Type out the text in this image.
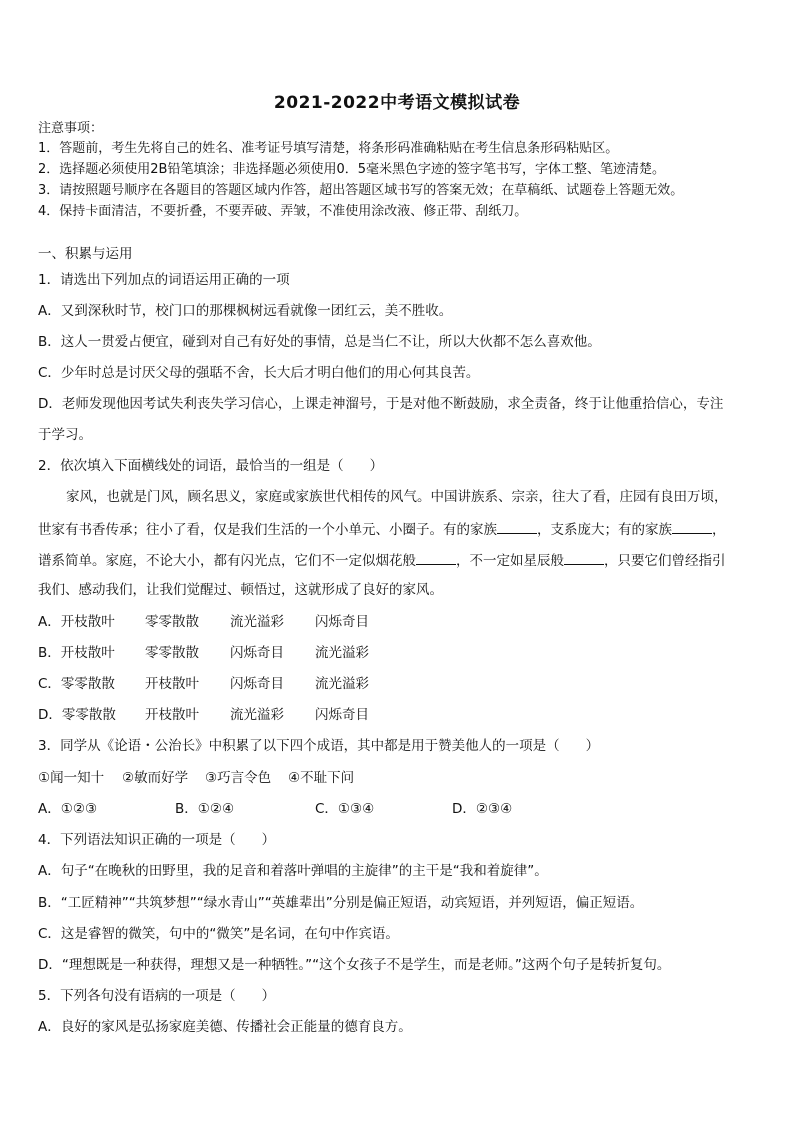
2021-2022中考语文模拟试卷
注意事项：
1．答题前，考生先将自己的姓名、准考证号填写清楚，将条形码准确粘贴在考生信息条形码粘贴区。
2．选择题必须使用2B铅笔填涂；非选择题必须使用0．5毫米黑色字迹的签字笔书写，字体工整、笔迹清楚。
3．请按照题号顺序在各题目的答题区域内作答，超出答题区域书写的答案无效；在草稿纸、试题卷上答题无效。
4．保持卡面清洁，不要折叠，不要弄破、弄皱，不准使用涂改液、修正带、刮纸刀。
一、积累与运用
1．请选出下列加点的词语运用正确的一项
A．又到深秋时节，校门口的那棵枫树远看就像一团红云，美不胜收。
B．这人一贯爱占便宜，碰到对自己有好处的事情，总是当仁不让，所以大伙都不怎么喜欢他。
C．少年时总是讨厌父母的强聒不舍，长大后才明白他们的用心何其良苦。
D．老师发现他因考试失利丧失学习信心，上课走神溜号，于是对他不断鼓励，求全责备，终于让他重拾信心，专注
于学习。
2．依次填入下面横线处的词语，最恰当的一组是（ ）
家风，也就是门风，顾名思义，家庭或家族世代相传的风气。中国讲族系、宗亲，往大了看，庄园有良田万顷，
世家有书香传承；往小了看，仅是我们生活的一个小单元、小圈子。有的家族	，支系庞大；有的家族	，
谱系简单。家庭，不论大小，都有闪光点，它们不一定似烟花般	，不一定如星辰般	，只要它们曾经指引
我们、感动我们，让我们觉醒过、顿悟过，这就形成了良好的家风。
A．开枝散叶 零零散散 流光溢彩 闪烁奇目
B．开枝散叶 零零散散 闪烁奇目 流光溢彩
C．零零散散 开枝散叶 闪烁奇目 流光溢彩
D．零零散散 开枝散叶 流光溢彩 闪烁奇目
3．同学从《论语・公治长》中积累了以下四个成语，其中都是用于赞美他人的一项是（ ）
①闻一知十 ②敏而好学 ③巧言令色 ④不耻下问
A．①②③	B．①②④	C．①③④	D．②③④
4．下列语法知识正确的一项是（ ）
A．句子“在晚秋的田野里，我的足音和着落叶弹唱的主旋律”的主干是“我和着旋律”。
B．“工匠精神”“共筑梦想”“绿水青山”“英雄辈出”分别是偏正短语，动宾短语，并列短语，偏正短语。
C．这是睿智的微笑，句中的“微笑”是名词，在句中作宾语。
D．“理想既是一种获得，理想又是一种牺牲。”“这个女孩子不是学生，而是老师。”这两个句子是转折复句。
5．下列各句没有语病的一项是（ ）
A．良好的家风是弘扬家庭美德、传播社会正能量的德育良方。
